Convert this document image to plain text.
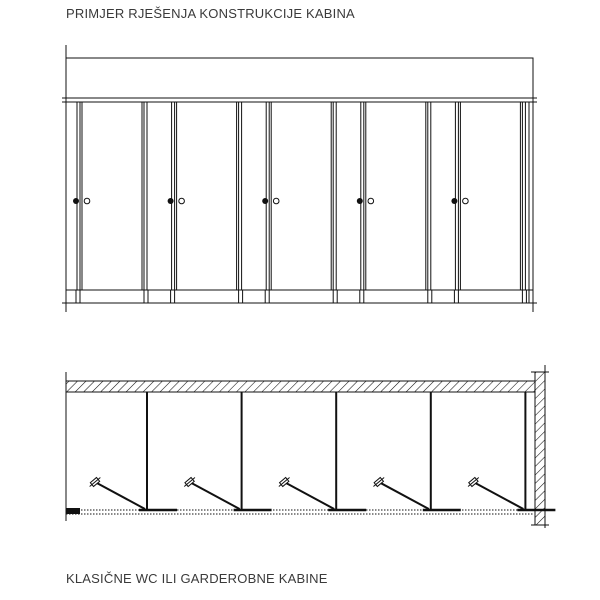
PRIMJER RJEŠENJA KONSTRUKCIJE KABINA
KLASIČNE WC ILI GARDEROBNE KABINE
